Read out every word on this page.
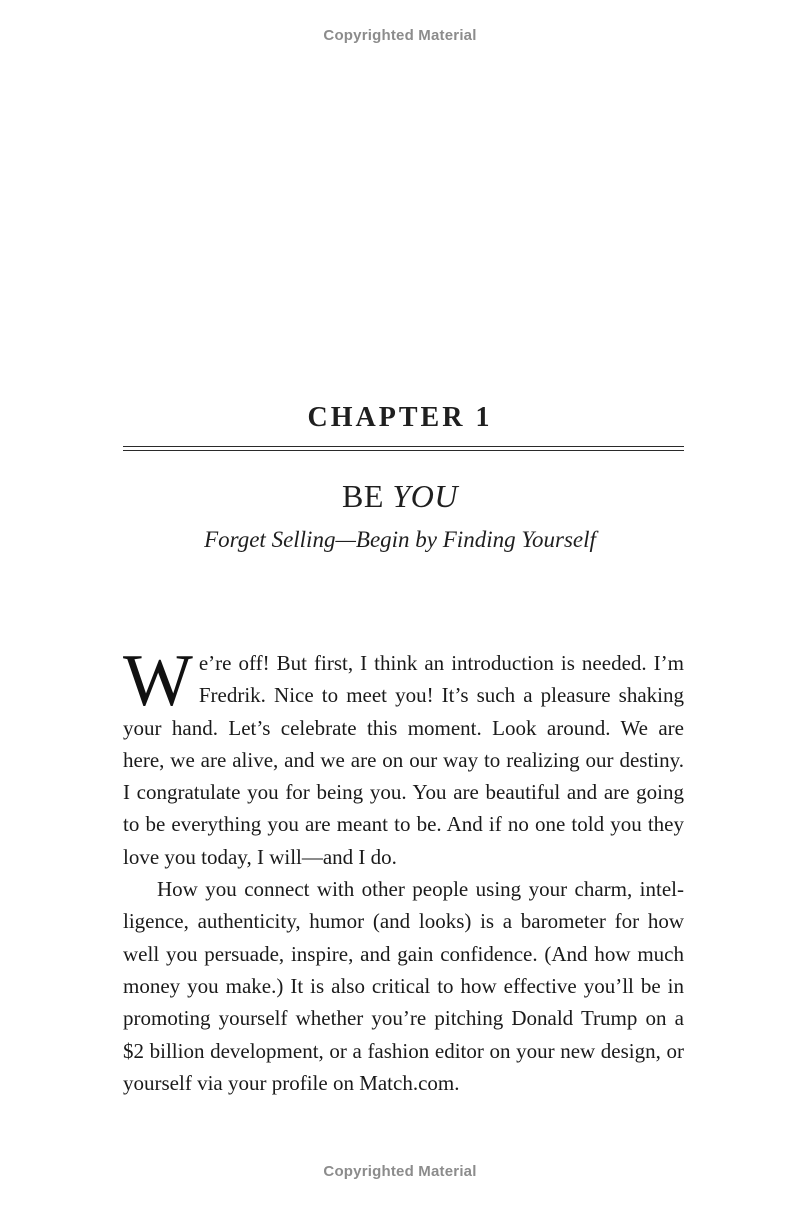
Copyrighted Material
CHAPTER 1
BE YOU
Forget Selling—Begin by Finding Yourself

We’re off! But first, I think an introduction is needed. I’m Fredrik. Nice to meet you! It’s such a pleasure shaking your hand. Let’s celebrate this moment. Look around. We are here, we are alive, and we are on our way to realizing our destiny. I congratulate you for being you. You are beautiful and are going to be everything you are meant to be. And if no one told you they love you today, I will—and I do.

How you connect with other people using your charm, intelligence, authenticity, humor (and looks) is a barometer for how well you persuade, inspire, and gain confidence. (And how much money you make.) It is also critical to how effective you’ll be in promoting yourself whether you’re pitching Donald Trump on a $2 billion development, or a fashion editor on your new design, or yourself via your profile on Match.com.

Copyrighted Material
